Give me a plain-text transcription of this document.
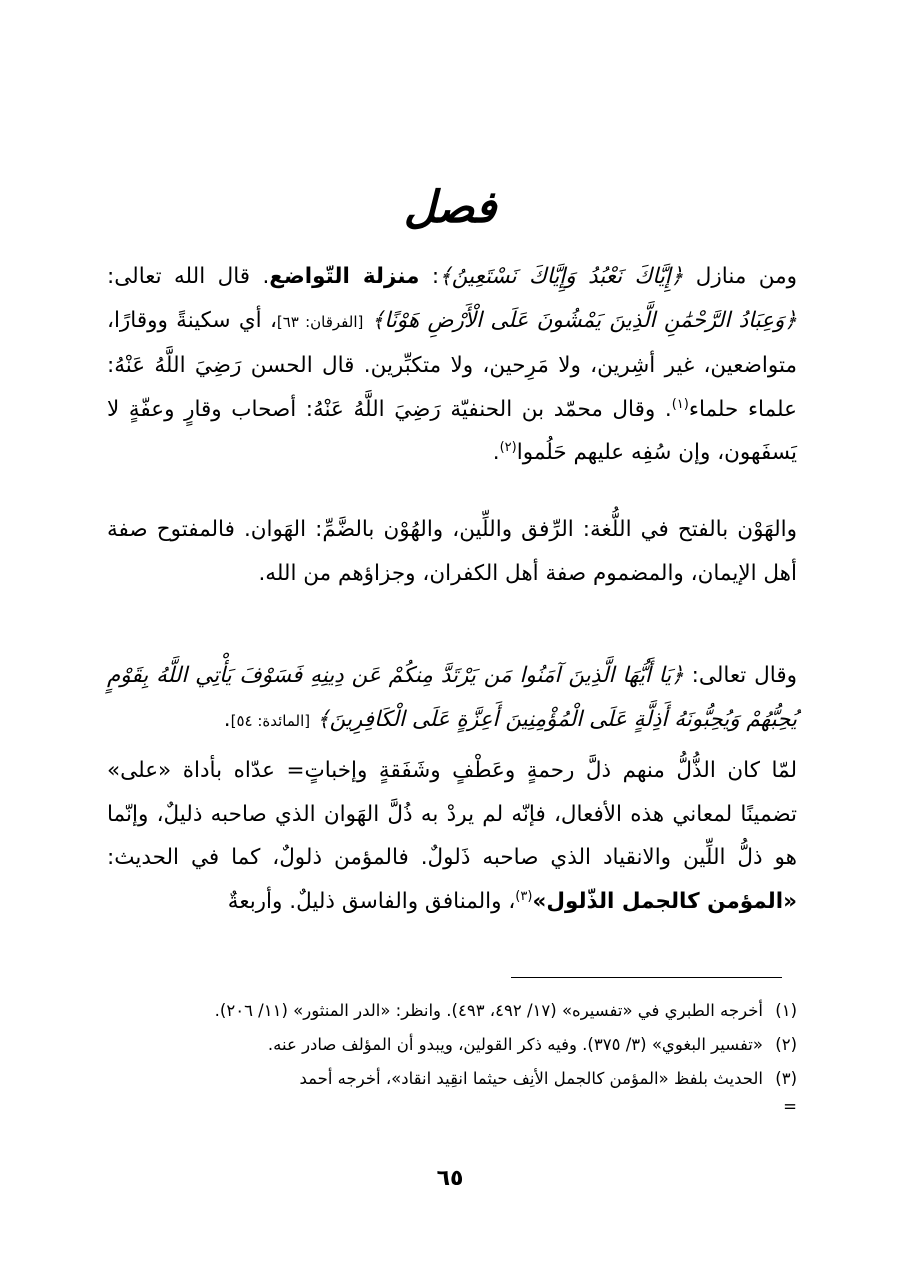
فصل
ومن منازل ﴿إِيَّاكَ نَعْبُدُ وَإِيَّاكَ نَسْتَعِينُ﴾: منزلة التّواضع. قال الله تعالى: ﴿وَعِبَادُ الرَّحْمَٰنِ الَّذِينَ يَمْشُونَ عَلَى الْأَرْضِ هَوْنًا﴾ [الفرقان: ٦٣]، أي سكينةً ووقارًا، متواضعين، غير أشِرين، ولا مَرِحين، ولا متكبِّرين. قال الحسن رَضِيَ اللَّهُ عَنْهُ: علماء حلماء$^{(١)}$. وقال محمّد بن الحنفيّة رَضِيَ اللَّهُ عَنْهُ: أصحاب وقارٍ وعفّةٍ لا يَسفَهون، وإن سُفِه عليهم حَلُموا$^{(٢)}$.
والهَوْن بالفتح في اللُّغة: الرِّفق واللِّين، والهُوْن بالضَّمِّ: الهَوان. فالمفتوح صفة أهل الإيمان، والمضموم صفة أهل الكفران، وجزاؤهم من الله.
وقال تعالى: ﴿يَا أَيُّهَا الَّذِينَ آمَنُوا مَن يَرْتَدَّ مِنكُمْ عَن دِينِهِ فَسَوْفَ يَأْتِي اللَّهُ بِقَوْمٍ يُحِبُّهُمْ وَيُحِبُّونَهُ أَذِلَّةٍ عَلَى الْمُؤْمِنِينَ أَعِزَّةٍ عَلَى الْكَافِرِينَ﴾ [المائدة: ٥٤].
لمّا كان الذُّلُّ منهم ذلَّ رحمةٍ وعَطْفٍ وشَفَقةٍ وإخباتٍ= عدّاه بأداة «على» تضمينًا لمعاني هذه الأفعال، فإنّه لم يردْ به ذُلَّ الهَوان الذي صاحبه ذليلٌ، وإنّما هو ذلُّ اللِّين والانقياد الذي صاحبه ذَلولٌ. فالمؤمن ذلولٌ، كما في الحديث: «المؤمن كالجمل الذّلول»$^{(٣)}$، والمنافق والفاسق ذليلٌ. وأربعةٌ
(١)
أخرجه الطبري في «تفسيره» (١٧/ ٤٩٢، ٤٩٣). وانظر: «الدر المنثور» (١١/ ٢٠٦).
(٢)
«تفسير البغوي» (٣/ ٣٧٥). وفيه ذكر القولين، ويبدو أن المؤلف صادر عنه.
(٣)
الحديث بلفظ «المؤمن كالجمل الأنِف حيثما انقِيد انقاد»، أخرجه أحمد
=
٦٥
